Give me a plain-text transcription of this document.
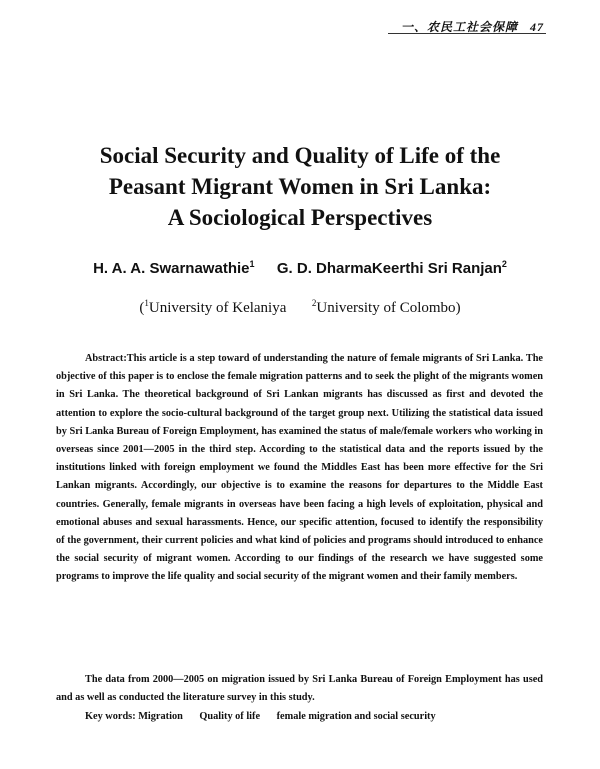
一、农民工社会保障 47
Social Security and Quality of Life of the
Peasant Migrant Women in Sri Lanka:
A Sociological Perspectives
H. A. A. Swarnawathie$^1$ G. D. DharmaKeerthi Sri Ranjan$^2$
($^1$University of Kelaniya	$^2$University of Colombo)

Abstract:This article is a step toward of understanding the nature of female migrants of Sri Lanka. The objective of this paper is to enclose the female migration patterns and to seek the plight of the migrants women in Sri Lanka. The theoretical background of Sri Lankan migrants has discussed as first and devoted the attention to explore the socio-cultural background of the target group next. Utilizing the statistical data issued by Sri Lanka Bureau of Foreign Employment, has examined the status of male/female workers who working in overseas since 2001—2005 in the third step. According to the statistical data and the reports issued by the institutions linked with foreign employment we found the Middles East has been more effective for the Sri Lankan migrants. Accordingly, our objective is to examine the reasons for departures to the Middle East countries. Generally, female migrants in overseas have been facing a high levels of exploitation, physical and emotional abuses and sexual harassments. Hence, our specific attention, focused to identify the responsibility of the government, their current policies and what kind of policies and programs should introduced to enhance the social security of migrant women. According to our findings of the research we have suggested some programs to improve the life quality and social security of the migrant women and their family members.

The data from 2000—2005 on migration issued by Sri Lanka Bureau of Foreign Employment has used and as well as conducted the literature survey in this study.

Key words: Migration Quality of life female migration and social security
